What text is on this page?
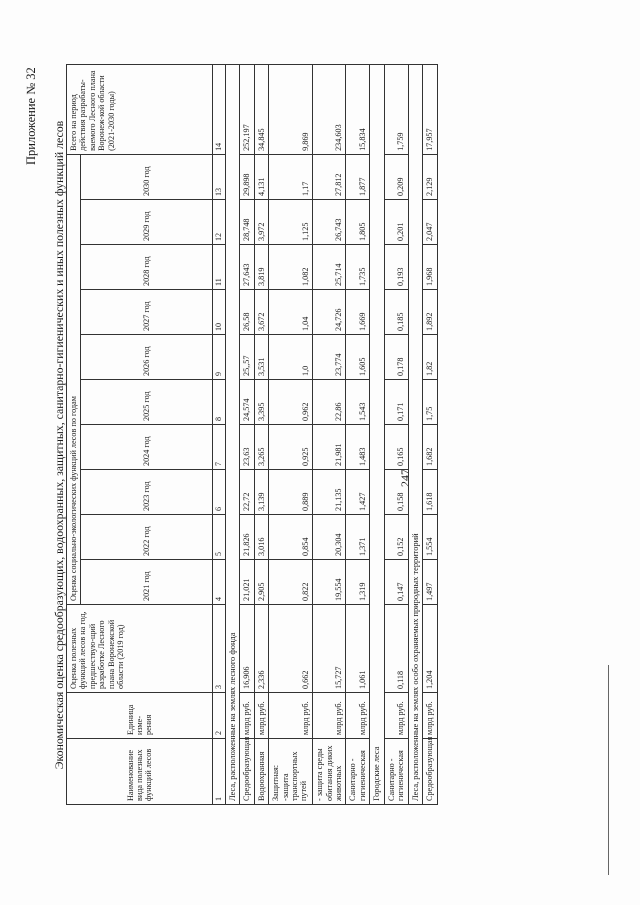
247
Приложение № 32
Экономическая оценка средообразующих, водоохранных, защитных, санитарно-гигиенических и иных полезных функций лесов
Наименование вида полезных функций лесов	Единица изме-рения	Оценка полезных функций лесов на год, предшествую-щий разработке Лесного плана Воронежской области (2019 год)	Оценка социально-экологических функций лесов по годам										Всего на период действия разрабаты-ваемого Лесного плана Воронеж-кой области (2021-2030 годы)
			2021 год	2022 год	2023 год	2024 год	2025 год	2026 год	2027 год	2028 год	2029 год	2030 год	
1	2	3	4	5	6	7	8	9	10	11	12	13	14
Леса, расположенные на землях лесного фонда													
Средообразующая	млрд руб.	16,906	21,021	21,826	22,72	23,63	24,574	25,,57	26,58	27,643	28,748	29,898	252,197
Водоохранная	млрд руб.	2,336	2,905	3,016	3,139	3,265	3,395	3,531	3,672	3,819	3,972	4,131	34,845
Защитная: -защита транспортных путей	млрд руб.	0,662	0,822	0,854	0,889	0,925	0,962	1,0	1,04	1,082	1,125	1,17	9,869
- защита среды обитания диких животных	млрд руб.	15,727	19,554	20,304	21,135	21,981	22,86	23,774	24,726	25,714	26,743	27,812	234,603
Санитарно - гигиеническая	млрд руб.	1,061	1,319	1,371	1,427	1,483	1,543	1,605	1,669	1,735	1,805	1,877	15,834
Городские леса													
Санитарно - гигиеническая	млрд руб.	0,118	0,147	0,152	0,158	0,165	0,171	0,178	0,185	0,193	0,201	0,209	1,759
Леса, расположенные на землях особо охраняемых природных территорий													
Средообразующая	млрд руб.	1,204	1,497	1,554	1,618	1,682	1,75	1,82	1,892	1,968	2,047	2,129	17,957
